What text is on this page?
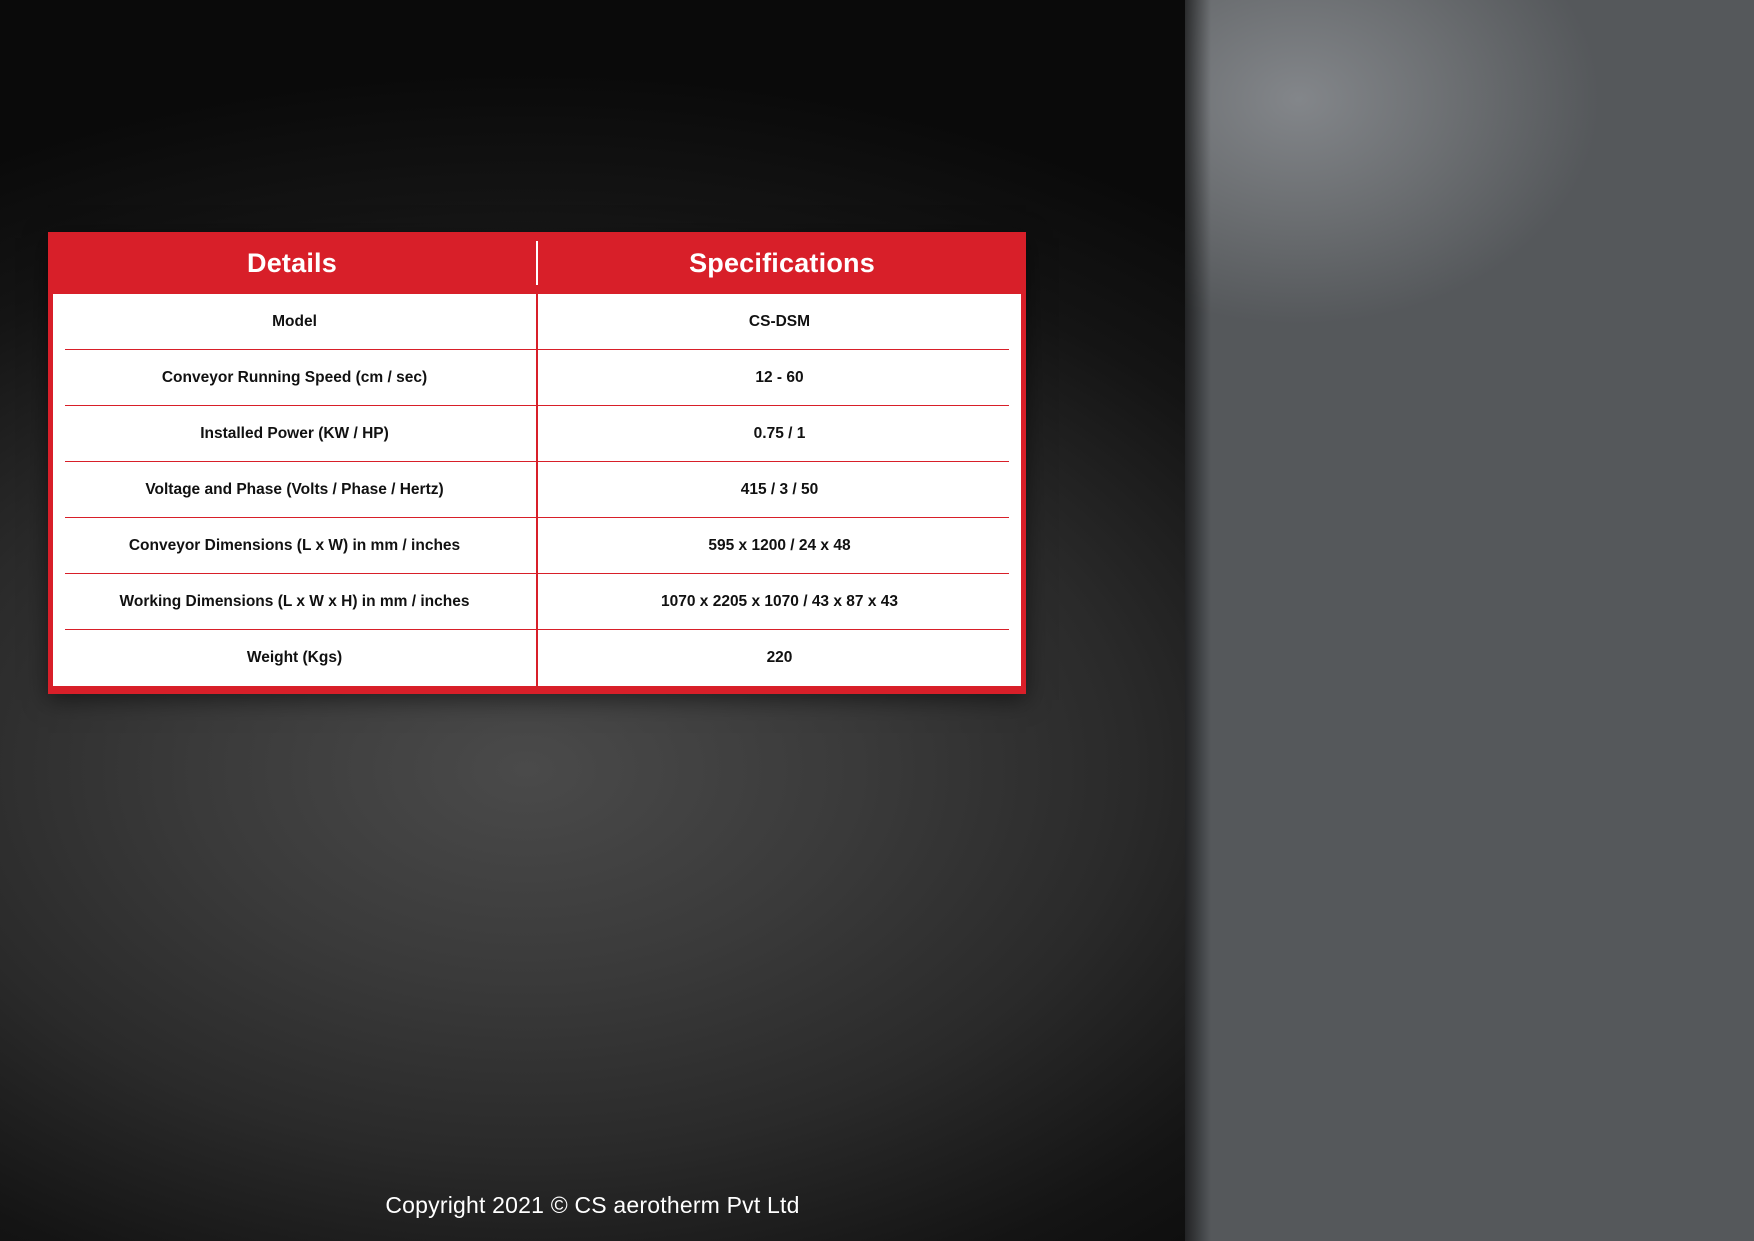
Details	Specifications
Model	CS-DSM
Conveyor Running Speed (cm / sec)	12 - 60
Installed Power (KW / HP)	0.75 / 1
Voltage and Phase (Volts / Phase / Hertz)	415 / 3 / 50
Conveyor Dimensions (L x W) in mm / inches	595 x 1200 / 24 x 48
Working Dimensions (L x W x H) in mm / inches	1070 x 2205 x 1070 / 43 x 87 x 43
Weight (Kgs)	220
Copyright 2021 © CS aerotherm Pvt Ltd
